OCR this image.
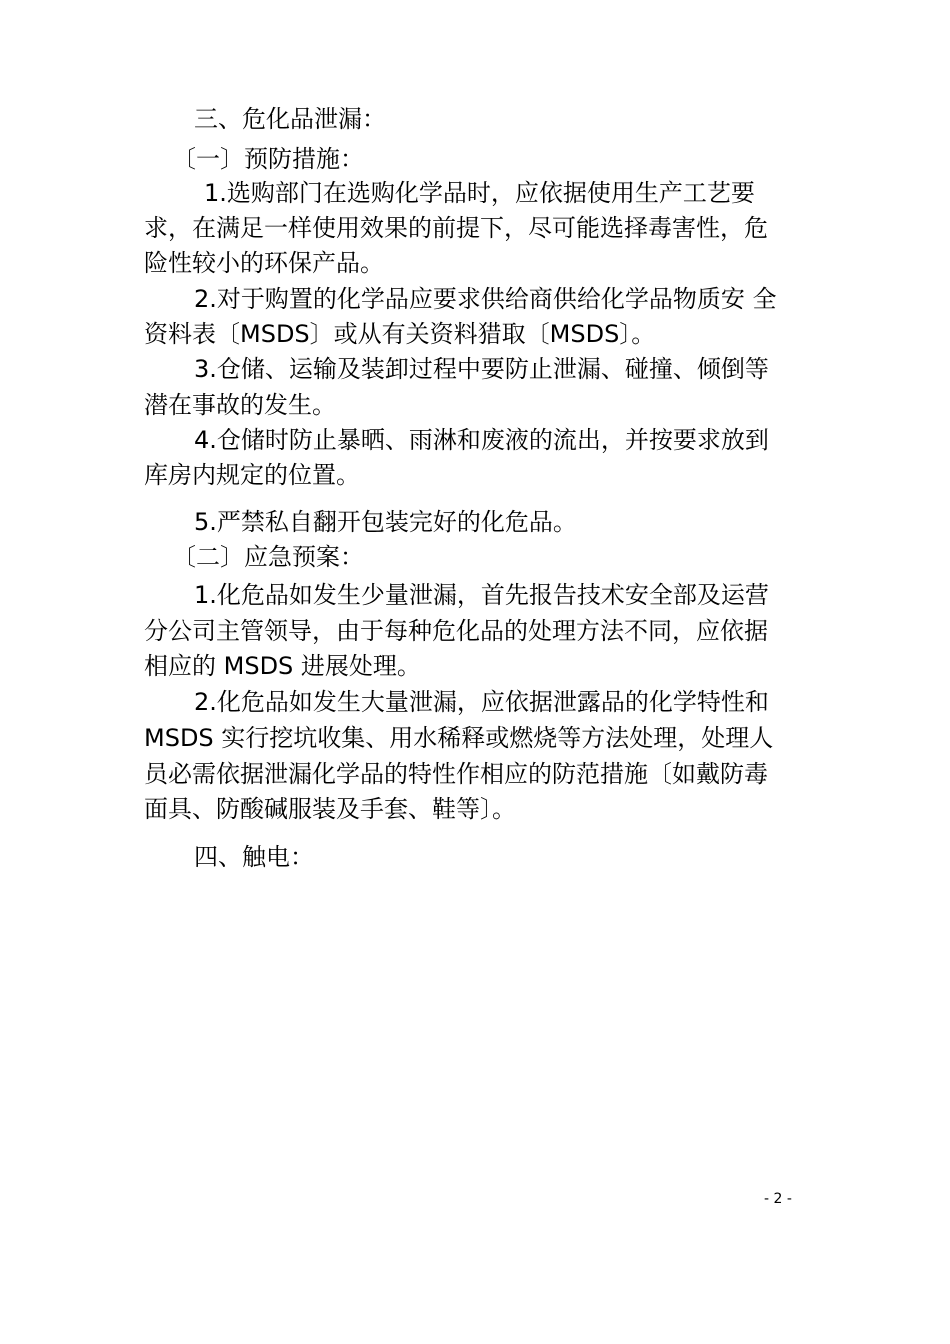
三、危化品泄漏：
〔一〕预防措施：
1.选购部门在选购化学品时，应依据使用生产工艺要
求，在满足一样使用效果的前提下，尽可能选择毒害性，危
险性较小的环保产品。
2.对于购置的化学品应要求供给商供给化学品物质安 全
资料表〔MSDS〕或从有关资料猎取〔MSDS〕。
3.仓储、运输及装卸过程中要防止泄漏、碰撞、倾倒等
潜在事故的发生。
4.仓储时防止暴晒、雨淋和废液的流出，并按要求放到
库房内规定的位置。
5.严禁私自翻开包装完好的化危品。
〔二〕应急预案：
1.化危品如发生少量泄漏，首先报告技术安全部及运营
分公司主管领导，由于每种危化品的处理方法不同，应依据
相应的 MSDS 进展处理。
2.化危品如发生大量泄漏，应依据泄露品的化学特性和
MSDS 实行挖坑收集、用水稀释或燃烧等方法处理，处理人
员必需依据泄漏化学品的特性作相应的防范措施〔如戴防毒
面具、防酸碱服装及手套、鞋等〕。
四、触电：
- 2 -
